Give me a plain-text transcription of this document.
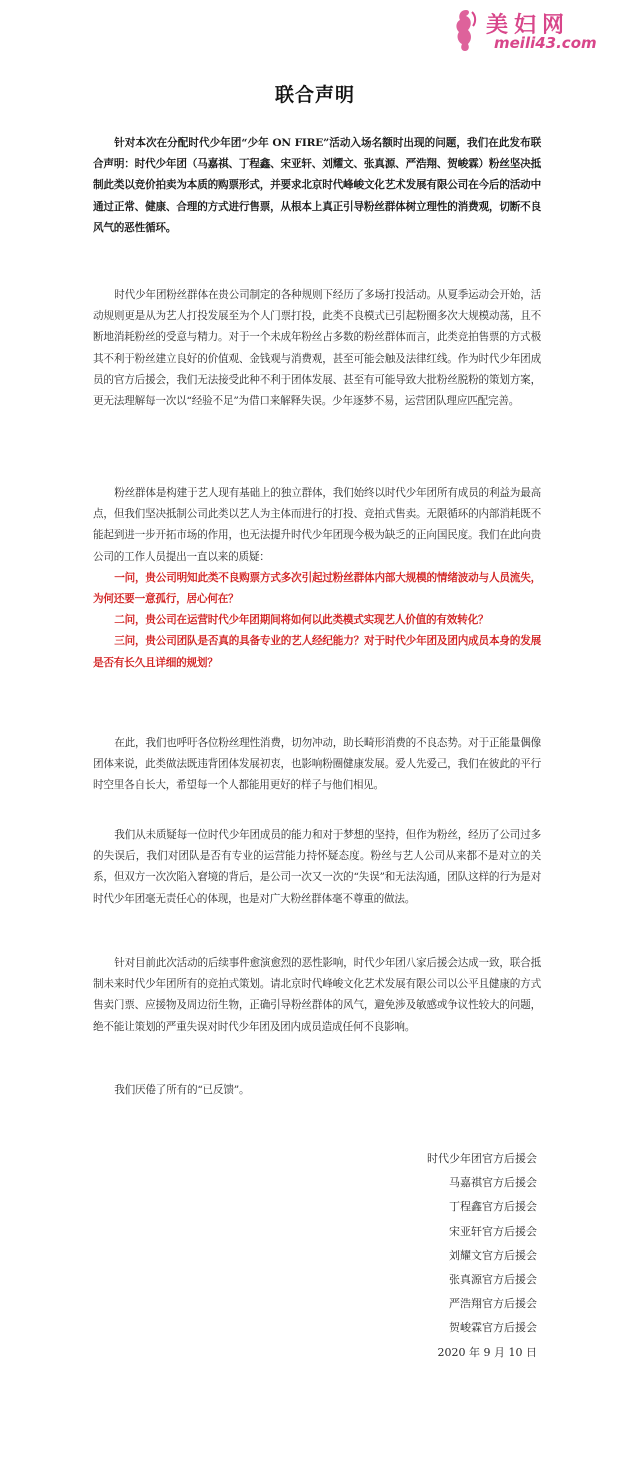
美妇网
meili43.com
联合声明

针对本次在分配时代少年团“少年 ON FIRE”活动入场名额时出现的问题，我们在此发布联合声明：时代少年团（马嘉祺、丁程鑫、宋亚轩、刘耀文、张真源、严浩翔、贺峻霖）粉丝坚决抵制此类以竞价拍卖为本质的购票形式，并要求北京时代峰峻文化艺术发展有限公司在今后的活动中通过正常、健康、合理的方式进行售票，从根本上真正引导粉丝群体树立理性的消费观，切断不良风气的恶性循环。

时代少年团粉丝群体在贵公司制定的各种规则下经历了多场打投活动。从夏季运动会开始，活动规则更是从为艺人打投发展至为个人门票打投，此类不良模式已引起粉圈多次大规模动荡，且不断地消耗粉丝的受意与精力。对于一个未成年粉丝占多数的粉丝群体而言，此类竞拍售票的方式极其不利于粉丝建立良好的价值观、金钱观与消费观，甚至可能会触及法律红线。作为时代少年团成员的官方后援会，我们无法接受此种不利于团体发展、甚至有可能导致大批粉丝脱粉的策划方案，更无法理解每一次以“经验不足”为借口来解释失误。少年逐梦不易，运营团队理应匹配完善。

粉丝群体是构建于艺人现有基础上的独立群体，我们始终以时代少年团所有成员的利益为最高点，但我们坚决抵制公司此类以艺人为主体而进行的打投、竞拍式售卖。无限循环的内部消耗既不能起到进一步开拓市场的作用，也无法提升时代少年团现今极为缺乏的正向国民度。我们在此向贵公司的工作人员提出一直以来的质疑：

一问，贵公司明知此类不良购票方式多次引起过粉丝群体内部大规模的情绪波动与人员流失，为何还要一意孤行，居心何在？

二问，贵公司在运营时代少年团期间将如何以此类模式实现艺人价值的有效转化？

三问，贵公司团队是否真的具备专业的艺人经纪能力？对于时代少年团及团内成员本身的发展是否有长久且详细的规划？

在此，我们也呼吁各位粉丝理性消费，切勿冲动，助长畸形消费的不良态势。对于正能量偶像团体来说，此类做法既违背团体发展初衷，也影响粉圈健康发展。爱人先爱己，我们在彼此的平行时空里各自长大，希望每一个人都能用更好的样子与他们相见。

我们从未质疑每一位时代少年团成员的能力和对于梦想的坚持，但作为粉丝，经历了公司过多的失误后，我们对团队是否有专业的运营能力持怀疑态度。粉丝与艺人公司从来都不是对立的关系，但双方一次次陷入窘境的背后，是公司一次又一次的“失误”和无法沟通，团队这样的行为是对时代少年团毫无责任心的体现，也是对广大粉丝群体毫不尊重的做法。

针对目前此次活动的后续事件愈演愈烈的恶性影响，时代少年团八家后援会达成一致，联合抵制未来时代少年团所有的竞拍式策划。请北京时代峰峻文化艺术发展有限公司以公平且健康的方式售卖门票、应援物及周边衍生物，正确引导粉丝群体的风气，避免涉及敏感或争议性较大的问题，绝不能让策划的严重失误对时代少年团及团内成员造成任何不良影响。

我们厌倦了所有的“已反馈”。

时代少年团官方后援会
马嘉祺官方后援会
丁程鑫官方后援会
宋亚轩官方后援会
刘耀文官方后援会
张真源官方后援会
严浩翔官方后援会
贺峻霖官方后援会
2020 年 9 月 10 日
